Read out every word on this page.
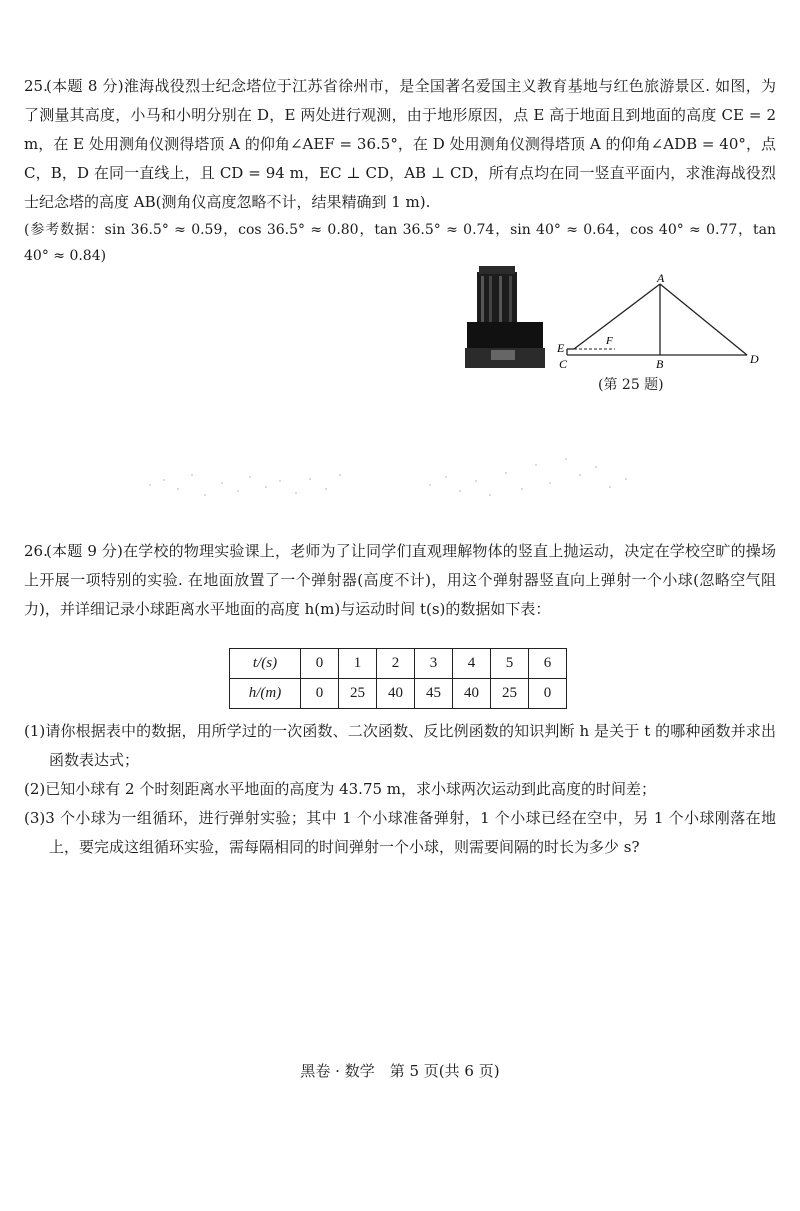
25.(本题 8 分)淮海战役烈士纪念塔位于江苏省徐州市，是全国著名爱国主义教育基地与红色旅游景区. 如图，为了测量其高度，小马和小明分别在 D，E 两处进行观测，由于地形原因，点 E 高于地面且到地面的高度 CE = 2 m，在 E 处用测角仪测得塔顶 A 的仰角∠AEF = 36.5°，在 D 处用测角仪测得塔顶 A 的仰角∠ADB = 40°，点 C，B，D 在同一直线上，且 CD = 94 m，EC ⊥ CD，AB ⊥ CD，所有点均在同一竖直平面内，求淮海战役烈士纪念塔的高度 AB(测角仪高度忽略不计，结果精确到 1 m).

(参考数据：sin 36.5° ≈ 0.59，cos 36.5° ≈ 0.80，tan 36.5° ≈ 0.74，sin 40° ≈ 0.64，cos 40° ≈ 0.77，tan 40° ≈ 0.84)

A
E
C
F
B	D
(第 25 题)

26.(本题 9 分)在学校的物理实验课上，老师为了让同学们直观理解物体的竖直上抛运动，决定在学校空旷的操场上开展一项特别的实验. 在地面放置了一个弹射器(高度不计)，用这个弹射器竖直向上弹射一个小球(忽略空气阻力)，并详细记录小球距离水平地面的高度 h(m)与运动时间 t(s)的数据如下表：

t/(s)	0	1	2	3	4	5	6
h/(m)	0	25	40	45	40	25	0

(1)请你根据表中的数据，用所学过的一次函数、二次函数、反比例函数的知识判断 h 是关于 t 的哪种函数并求出函数表达式；

(2)已知小球有 2 个时刻距离水平地面的高度为 43.75 m，求小球两次运动到此高度的时间差；

(3)3 个小球为一组循环，进行弹射实验；其中 1 个小球准备弹射，1 个小球已经在空中，另 1 个小球刚落在地上，要完成这组循环实验，需每隔相同的时间弹射一个小球，则需要间隔的时长为多少 s?

黑卷 · 数学　第 5 页(共 6 页)
